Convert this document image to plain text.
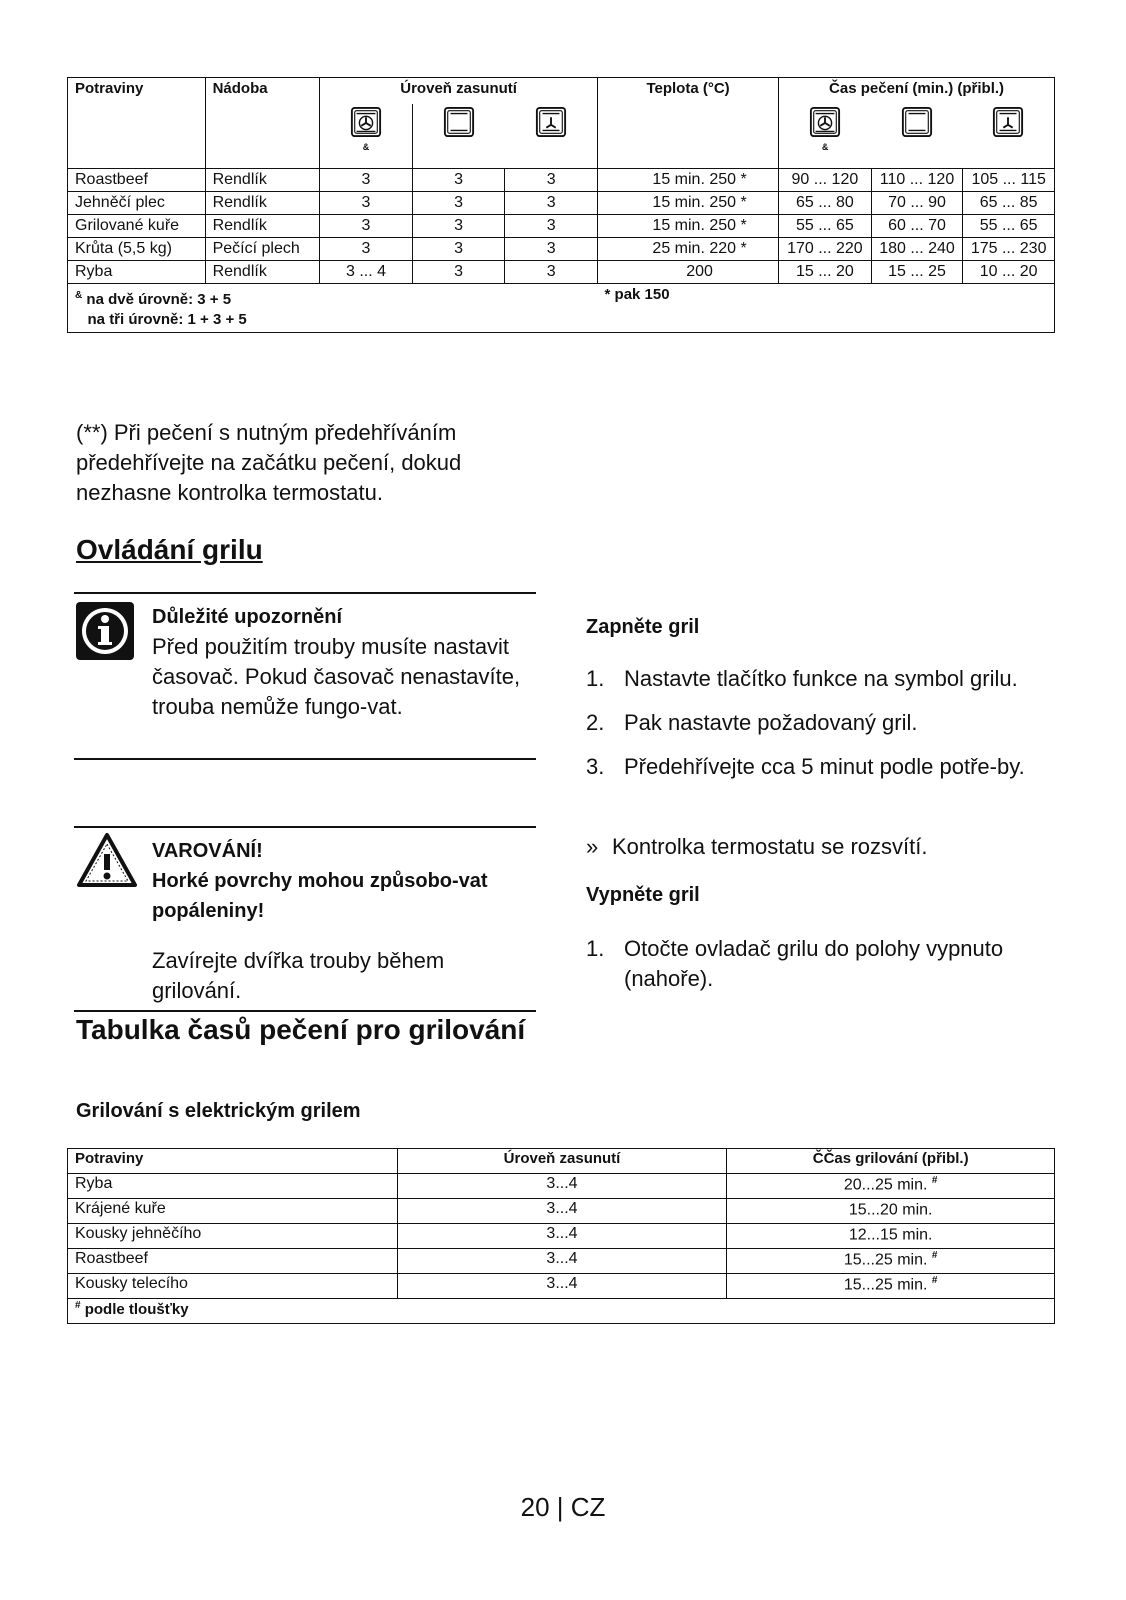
Potraviny	Nádoba	Úroveň zasunutí			Teplota (°C)	Čas pečení (min.) (přibl.)		

		&				&

Roastbeef	Rendlík	3	3	3	15 min. 250 *	90 ... 120	110 ... 120	105 ... 115
Jehněčí plec	Rendlík	3	3	3	15 min. 250 *	65 ... 80	70 ... 90	65 ... 85
Grilované kuře	Rendlík	3	3	3	15 min. 250 *	55 ... 65	60 ... 70	55 ... 65
Krůta (5,5 kg)	Pečící plech	3	3	3	25 min. 220 *	170 ... 220	180 ... 240	175 ... 230
Ryba	Rendlík	3 ... 4	3	3	200	15 ... 20	15 ... 25	10 ... 20
& na dvě úrovně: 3 + 5
na tři úrovně: 1 + 3 + 5					* pak 150			
(**) Při pečení s nutným předehříváním předehřívejte na začátku pečení, dokud nezhasne kontrolka termostatu.
Ovládání grilu
Důležité upozornění
Před použitím trouby musíte nastavit časovač. Pokud časovač nenastavíte, trouba nemůže fungo-vat.
VAROVÁNÍ!
Horké povrchy mohou způsobo-vat popáleniny!
Zavírejte dvířka trouby během grilování.
Zapněte gril
1. Nastavte tlačítko funkce na symbol grilu.
2. Pak nastavte požadovaný gril.
3. Předehřívejte cca 5 minut podle potře-by.
» Kontrolka termostatu se rozsvítí.
Vypněte gril
1. Otočte ovladač grilu do polohy vypnuto (nahoře).
Tabulka časů pečení pro grilování
Grilování s elektrickým grilem
Potraviny	Úroveň zasunutí	ČČas grilování (přibl.)
Ryba	3...4	20...25 min. #
Krájené kuře	3...4	15...20 min.
Kousky jehněčího	3...4	12...15 min.
Roastbeef	3...4	15...25 min. #
Kousky telecího	3...4	15...25 min. #
# podle tloušťky		
20 | CZ
